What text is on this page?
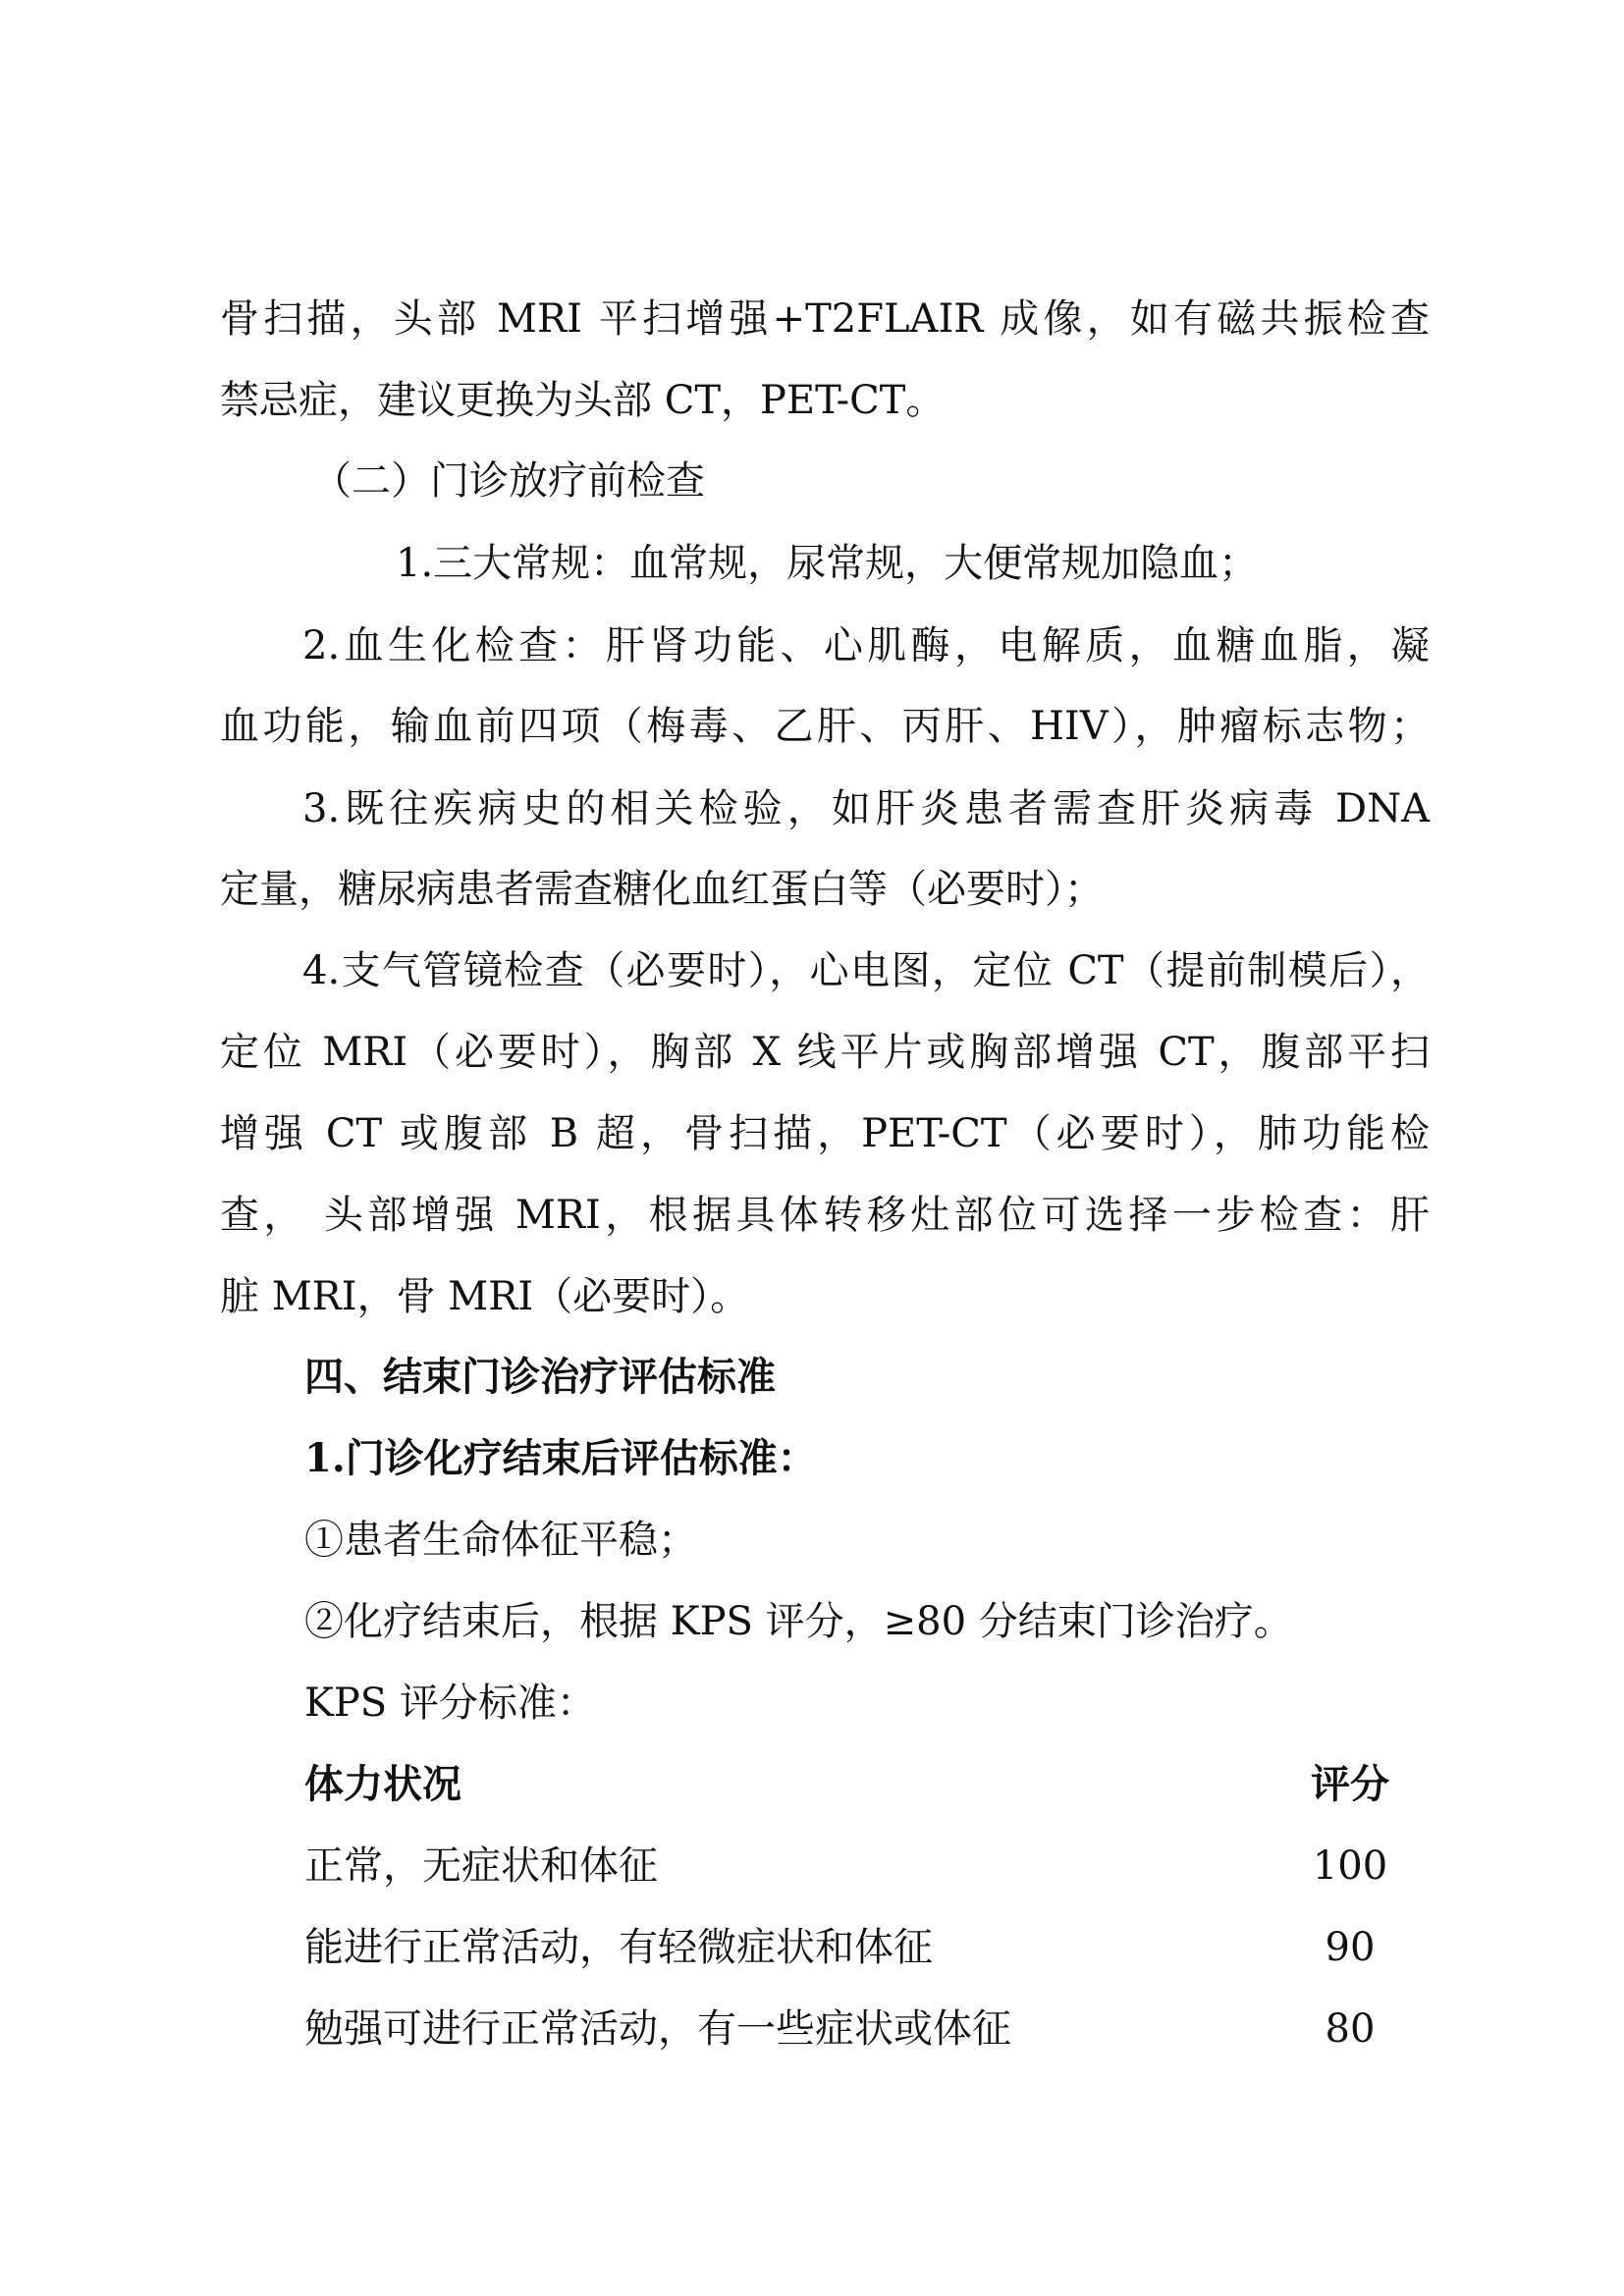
骨扫描，头部 MRI 平扫增强+T2FLAIR 成像，如有磁共振检查
禁忌症，建议更换为头部 CT，PET-CT。
（二）门诊放疗前检查
1.三大常规：血常规，尿常规，大便常规加隐血；
2.血生化检查：肝肾功能、心肌酶，电解质，血糖血脂，凝
血功能，输血前四项（梅毒、乙肝、丙肝、HIV），肿瘤标志物；
3.既往疾病史的相关检验，如肝炎患者需查肝炎病毒 DNA
定量，糖尿病患者需查糖化血红蛋白等（必要时）；
4.支气管镜检查（必要时），心电图，定位 CT（提前制模后），
定位 MRI（必要时），胸部 X 线平片或胸部增强 CT，腹部平扫
增强 CT 或腹部 B 超，骨扫描，PET-CT（必要时），肺功能检
查， 头部增强 MRI，根据具体转移灶部位可选择一步检查：肝
脏 MRI，骨 MRI（必要时）。
四、结束门诊治疗评估标准
1.门诊化疗结束后评估标准：
①患者生命体征平稳；
②化疗结束后，根据 KPS 评分，≥80 分结束门诊治疗。
KPS 评分标准：
体力状况	评分
正常，无症状和体征	100
能进行正常活动，有轻微症状和体征	90
勉强可进行正常活动，有一些症状或体征	80
